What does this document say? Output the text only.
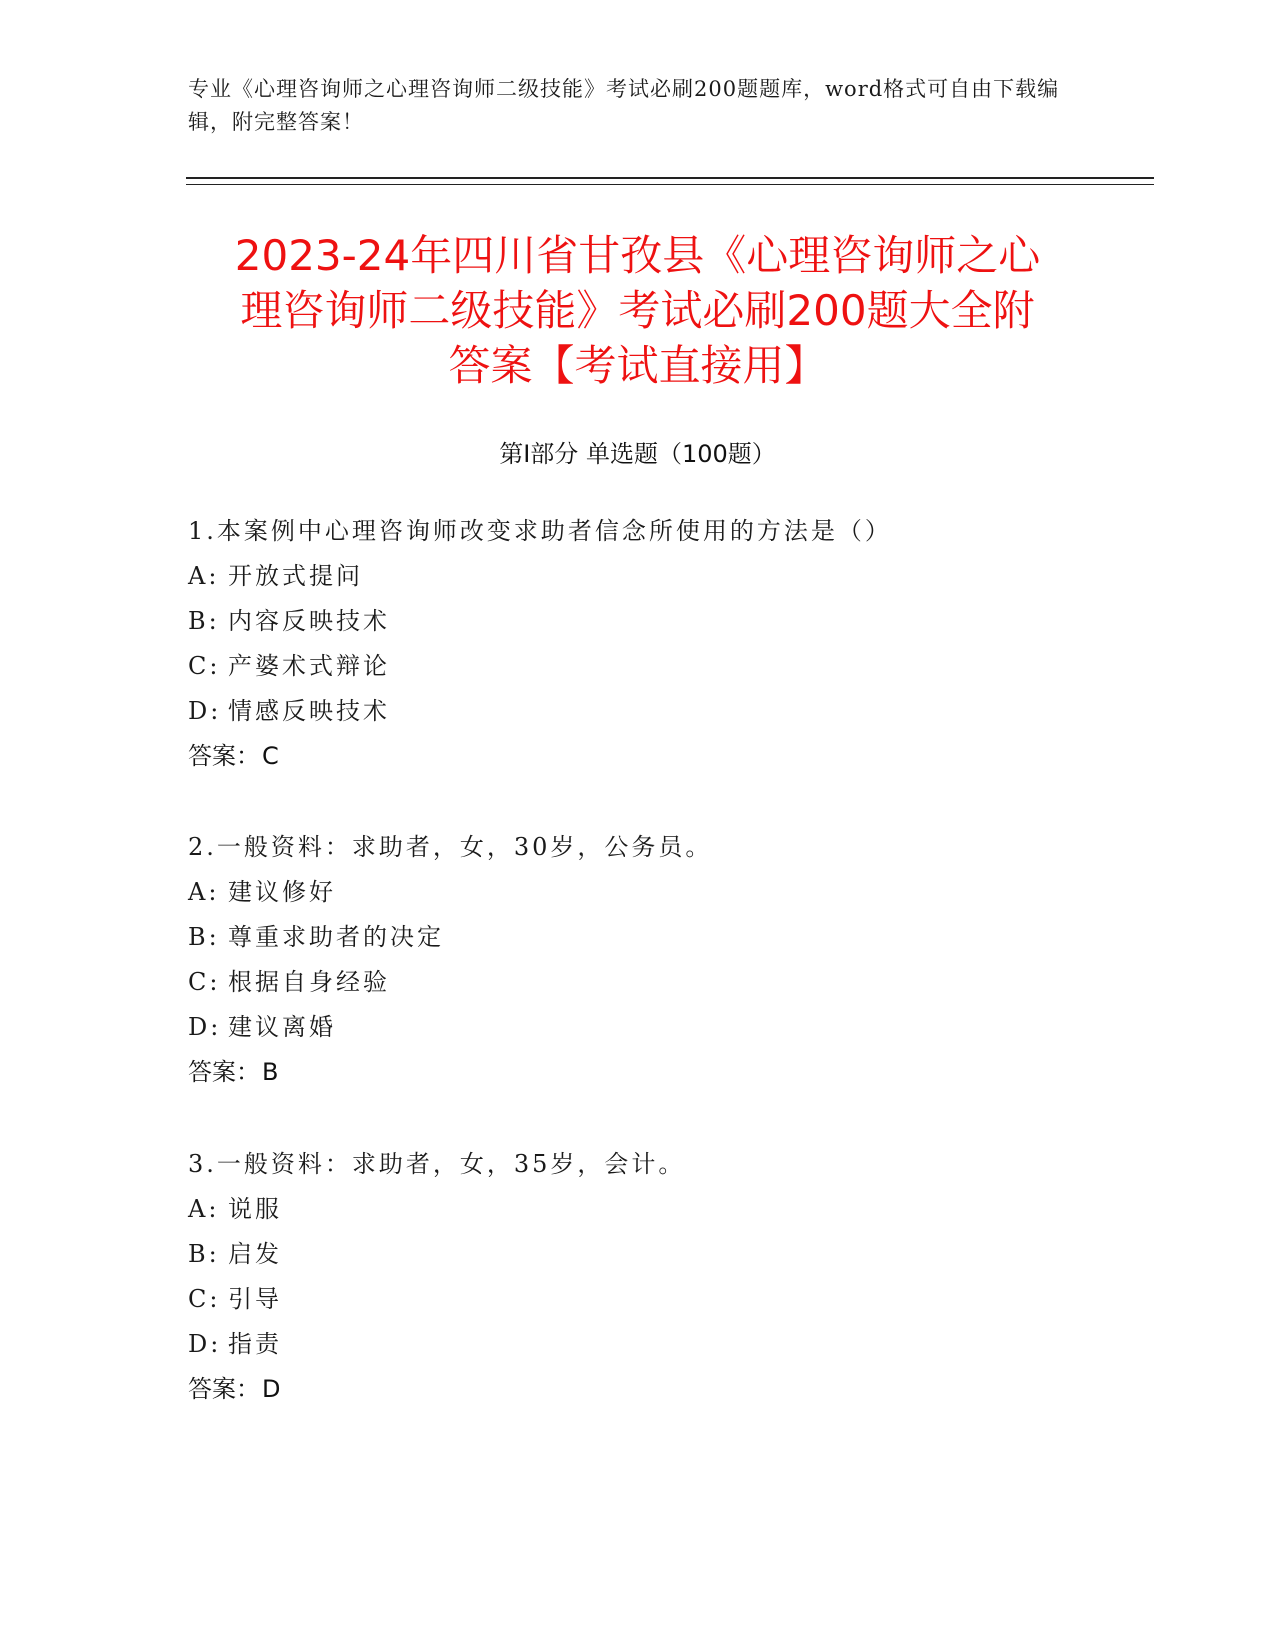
专业《心理咨询师之心理咨询师二级技能》考试必刷200题题库，word格式可自由下载编辑，附完整答案！
2023-24年四川省甘孜县《心理咨询师之心
理咨询师二级技能》考试必刷200题大全附
答案【考试直接用】
第Ⅰ部分 单选题（100题）
1.本案例中心理咨询师改变求助者信念所使用的方法是（）
A: 开放式提问
B: 内容反映技术
C: 产婆术式辩论
D: 情感反映技术
答案：C
2.一般资料：求助者，女，30岁，公务员。
A: 建议修好
B: 尊重求助者的决定
C: 根据自身经验
D: 建议离婚
答案：B
3.一般资料：求助者，女，35岁，会计。
A: 说服
B: 启发
C: 引导
D: 指责
答案：D
